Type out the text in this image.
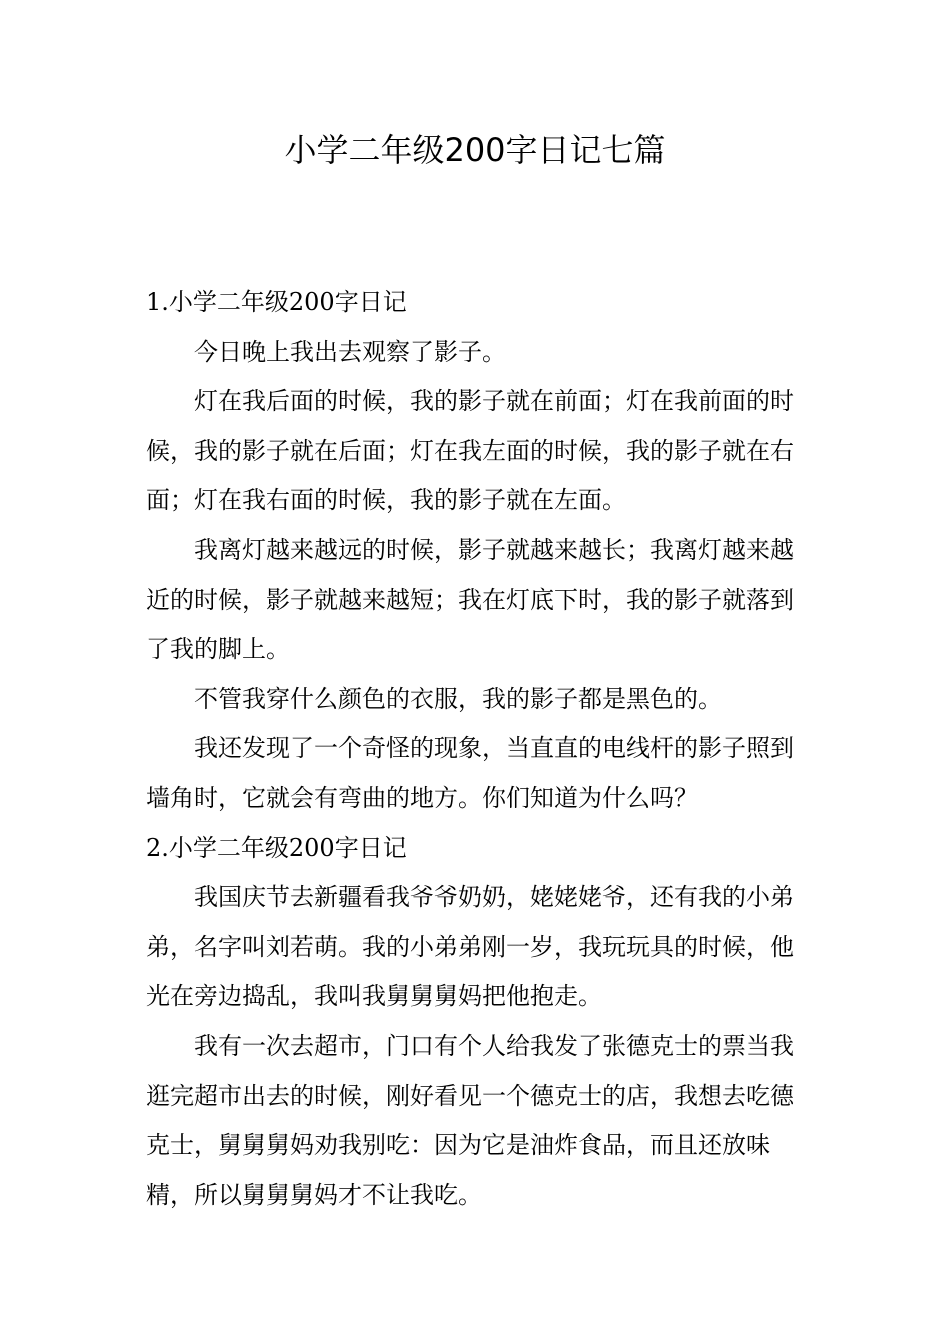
小学二年级200字日记七篇

1.小学二年级200字日记

今日晚上我出去观察了影子。

灯在我后面的时候，我的影子就在前面；灯在我前面的时候，我的影子就在后面；灯在我左面的时候，我的影子就在右面；灯在我右面的时候，我的影子就在左面。

我离灯越来越远的时候，影子就越来越长；我离灯越来越近的时候，影子就越来越短；我在灯底下时，我的影子就落到了我的脚上。

不管我穿什么颜色的衣服，我的影子都是黑色的。

我还发现了一个奇怪的现象，当直直的电线杆的影子照到墙角时，它就会有弯曲的地方。你们知道为什么吗？

2.小学二年级200字日记

我国庆节去新疆看我爷爷奶奶，姥姥姥爷，还有我的小弟弟，名字叫刘若萌。我的小弟弟刚一岁，我玩玩具的时候，他光在旁边捣乱，我叫我舅舅舅妈把他抱走。

我有一次去超市，门口有个人给我发了张德克士的票当我逛完超市出去的时候，刚好看见一个德克士的店，我想去吃德克士，舅舅舅妈劝我别吃：因为它是油炸食品，而且还放味精，所以舅舅舅妈才不让我吃。
